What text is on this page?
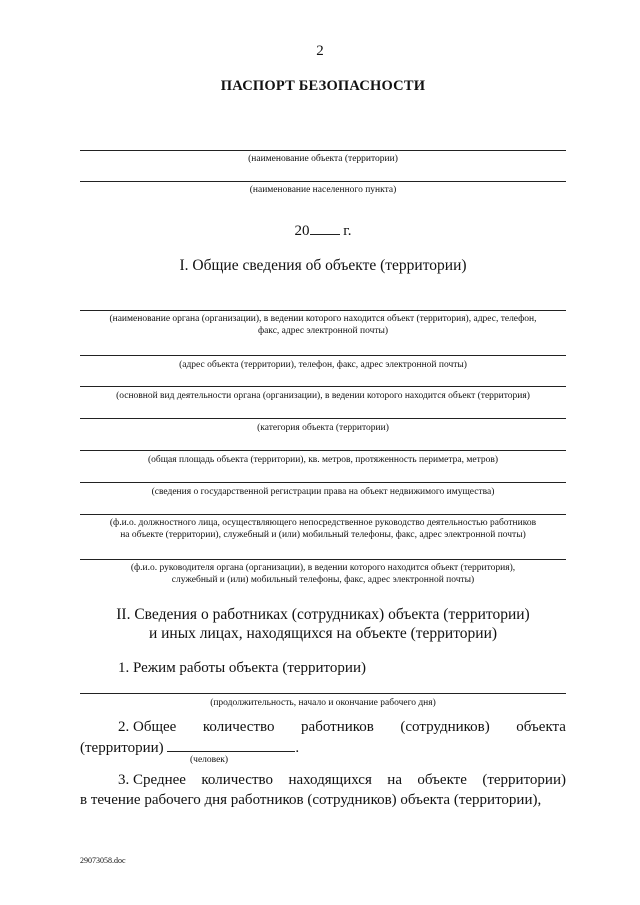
2
ПАСПОРТ БЕЗОПАСНОСТИ
(наименование объекта (территории)
(наименование населенного пункта)
20 г.
I. Общие сведения об объекте (территории)
(наименование органа (организации), в ведении которого находится объект (территория), адрес, телефон,
факс, адрес электронной почты)
(адрес объекта (территории), телефон, факс, адрес электронной почты)
(основной вид деятельности органа (организации), в ведении которого находится объект (территория)
(категория объекта (территории)
(общая площадь объекта (территории), кв. метров, протяженность периметра, метров)
(сведения о государственной регистрации права на объект недвижимого имущества)
(ф.и.о. должностного лица, осуществляющего непосредственное руководство деятельностью работников
на объекте (территории), служебный и (или) мобильный телефоны, факс, адрес электронной почты)
(ф.и.о. руководителя органа (организации), в ведении которого находится объект (территория),
служебный и (или) мобильный телефоны, факс, адрес электронной почты)
II. Сведения о работниках (сотрудниках) объекта (территории)
и иных лицах, находящихся на объекте (территории)
1. Режим работы объекта (территории)
(продолжительность, начало и окончание рабочего дня)
2. Общее количество работников (сотрудников) объекта
(территории)	.
(человек)
3. Среднее количество находящихся на объекте (территории)
в течение рабочего дня работников (сотрудников) объекта (территории),
29073058.doc
